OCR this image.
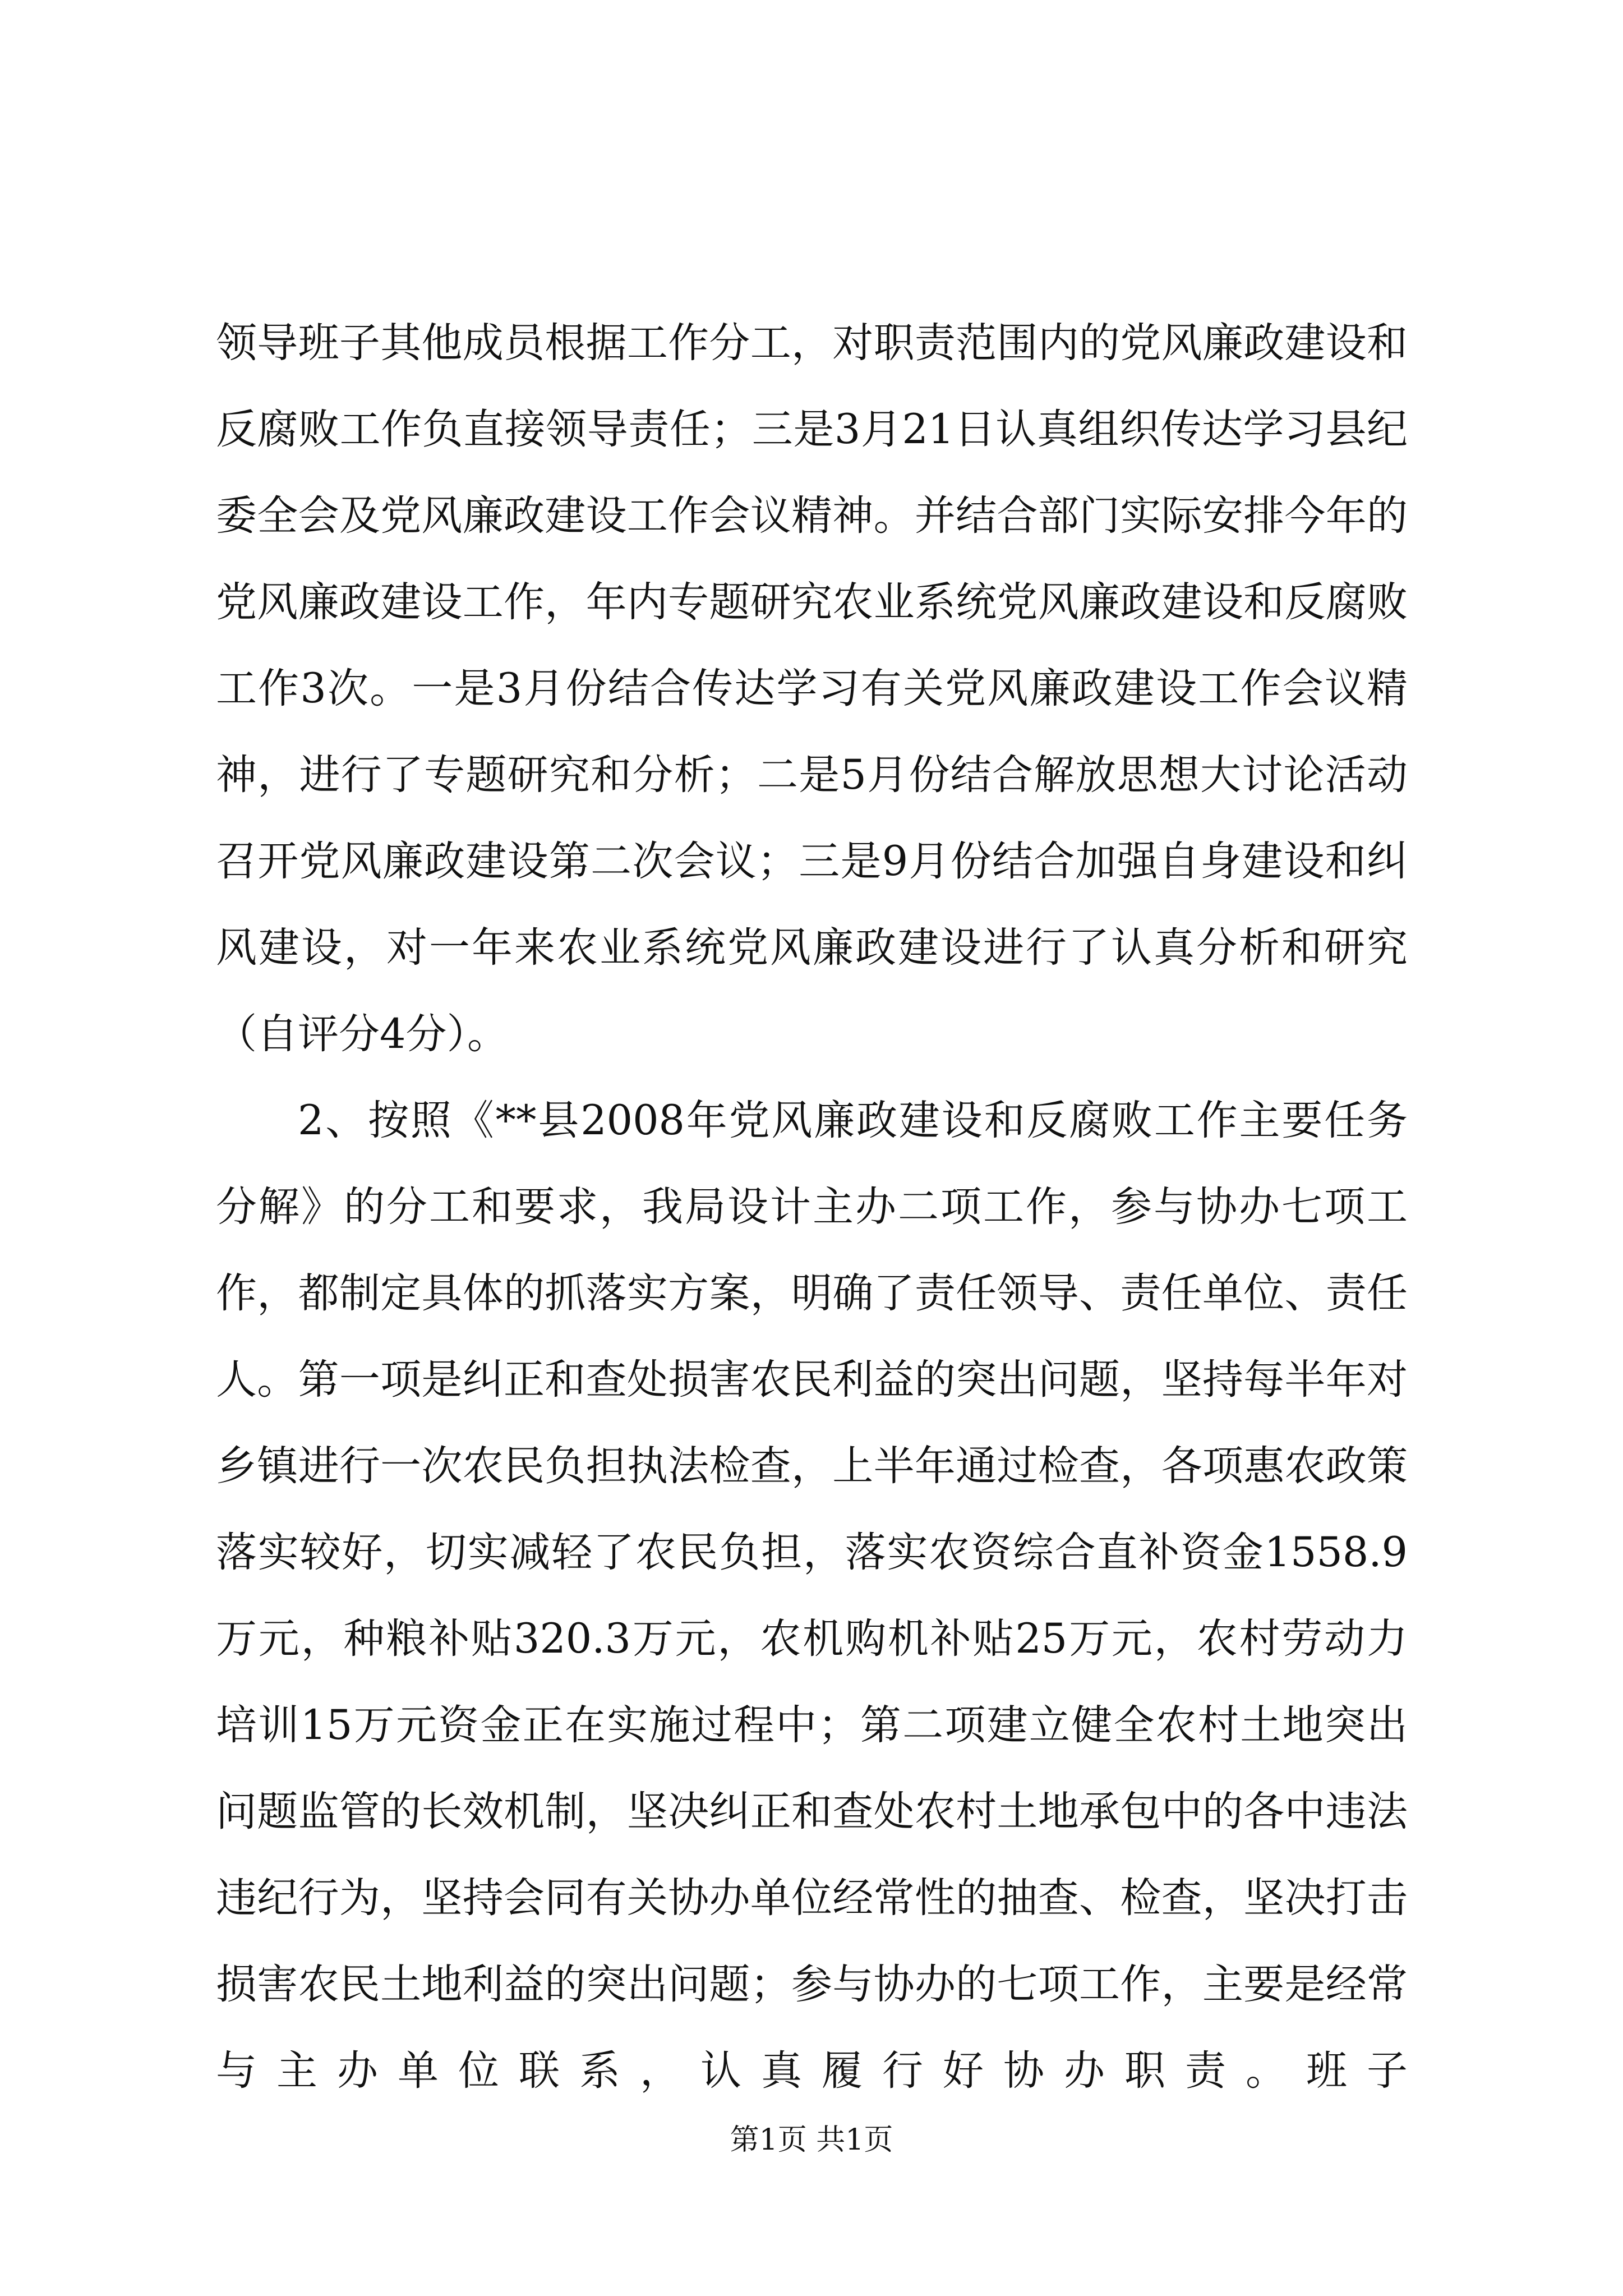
领导班子其他成员根据工作分工，对职责范围内的党风廉政建设和反腐败工作负直接领导责任；三是3月21日认真组织传达学习县纪委全会及党风廉政建设工作会议精神。并结合部门实际安排今年的党风廉政建设工作，年内专题研究农业系统党风廉政建设和反腐败工作3次。一是3月份结合传达学习有关党风廉政建设工作会议精神，进行了专题研究和分析；二是5月份结合解放思想大讨论活动召开党风廉政建设第二次会议；三是9月份结合加强自身建设和纠风建设，对一年来农业系统党风廉政建设进行了认真分析和研究（自评分4分）。

2、按照《**县2008年党风廉政建设和反腐败工作主要任务分解》的分工和要求，我局设计主办二项工作，参与协办七项工作，都制定具体的抓落实方案，明确了责任领导、责任单位、责任人。第一项是纠正和查处损害农民利益的突出问题，坚持每半年对乡镇进行一次农民负担执法检查，上半年通过检查，各项惠农政策落实较好，切实减轻了农民负担，落实农资综合直补资金1558.9万元，种粮补贴320.3万元，农机购机补贴25万元，农村劳动力培训15万元资金正在实施过程中；第二项建立健全农村土地突出问题监管的长效机制，坚决纠正和查处农村土地承包中的各中违法违纪行为，坚持会同有关协办单位经常性的抽查、检查，坚决打击损害农民土地利益的突出问题；参与协办的七项工作，主要是经常与主办单位联系，认真履行好协办职责。班子

第1页 共1页
